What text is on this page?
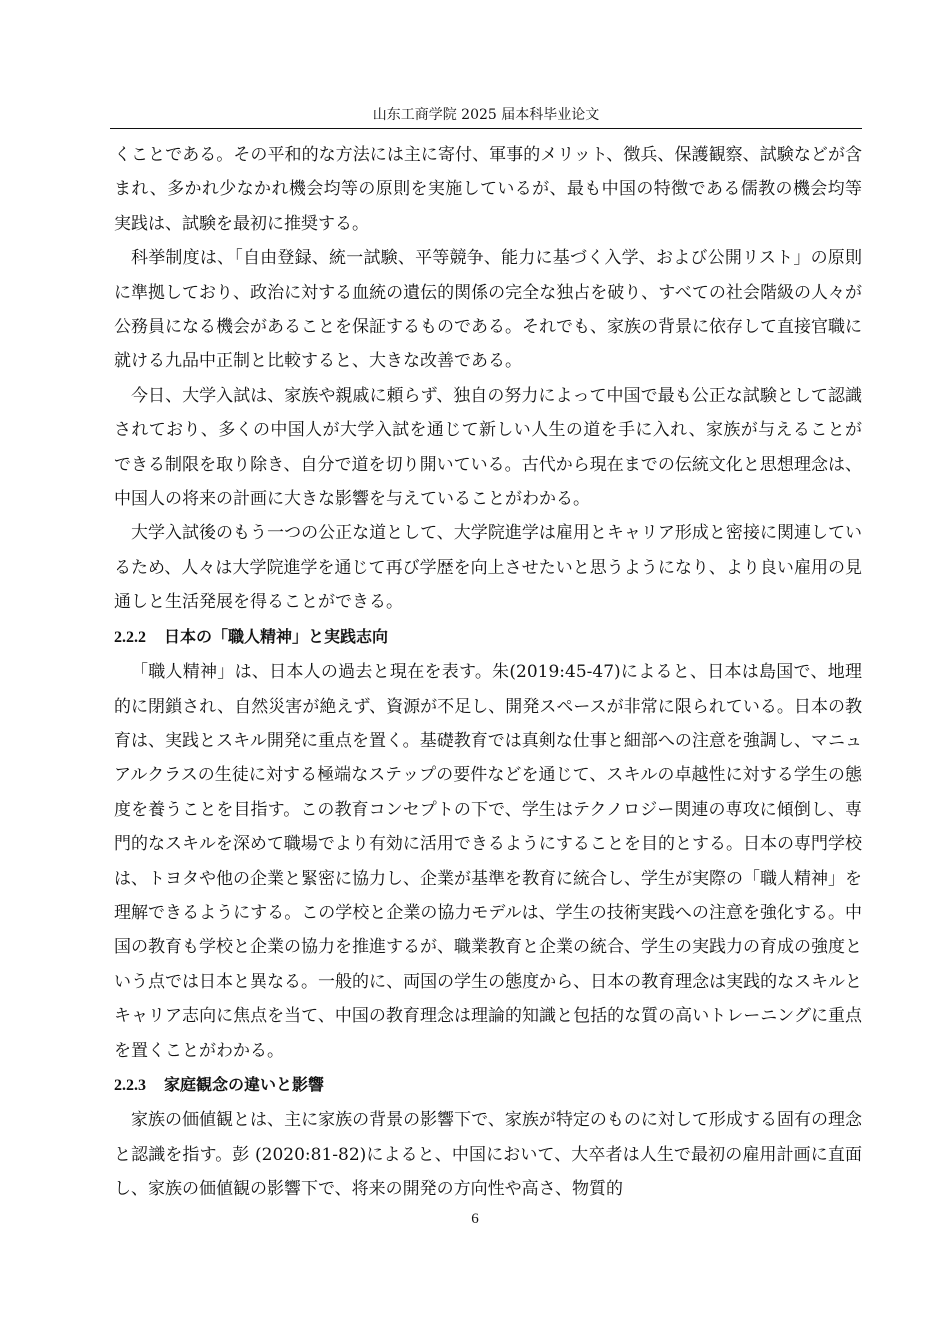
山东工商学院 2025 届本科毕业论文

くことである。その平和的な方法には主に寄付、軍事的メリット、徴兵、保護観察、試験などが含まれ、多かれ少なかれ機会均等の原則を実施しているが、最も中国の特徴である儒教の機会均等実践は、試験を最初に推奨する。

科挙制度は、「自由登録、統一試験、平等競争、能力に基づく入学、および公開リスト」の原則に準拠しており、政治に対する血統の遺伝的関係の完全な独占を破り、すべての社会階級の人々が公務員になる機会があることを保証するものである。それでも、家族の背景に依存して直接官職に就ける九品中正制と比較すると、大きな改善である。

今日、大学入試は、家族や親戚に頼らず、独自の努力によって中国で最も公正な試験として認識されており、多くの中国人が大学入試を通じて新しい人生の道を手に入れ、家族が与えることができる制限を取り除き、自分で道を切り開いている。古代から現在までの伝統文化と思想理念は、中国人の将来の計画に大きな影響を与えていることがわかる。

大学入試後のもう一つの公正な道として、大学院進学は雇用とキャリア形成と密接に関連しているため、人々は大学院進学を通じて再び学歴を向上させたいと思うようになり、より良い雇用の見通しと生活発展を得ることができる。

2.2.2 日本の「職人精神」と実践志向

「職人精神」は、日本人の過去と現在を表す。朱(2019:45-47)によると、日本は島国で、地理的に閉鎖され、自然災害が絶えず、資源が不足し、開発スペースが非常に限られている。日本の教育は、実践とスキル開発に重点を置く。基礎教育では真剣な仕事と細部への注意を強調し、マニュアルクラスの生徒に対する極端なステップの要件などを通じて、スキルの卓越性に対する学生の態度を養うことを目指す。この教育コンセプトの下で、学生はテクノロジー関連の専攻に傾倒し、専門的なスキルを深めて職場でより有効に活用できるようにすることを目的とする。日本の専門学校は、トヨタや他の企業と緊密に協力し、企業が基準を教育に統合し、学生が実際の「職人精神」を理解できるようにする。この学校と企業の協力モデルは、学生の技術実践への注意を強化する。中国の教育も学校と企業の協力を推進するが、職業教育と企業の統合、学生の実践力の育成の強度という点では日本と異なる。一般的に、両国の学生の態度から、日本の教育理念は実践的なスキルとキャリア志向に焦点を当て、中国の教育理念は理論的知識と包括的な質の高いトレーニングに重点を置くことがわかる。

2.2.3 家庭観念の違いと影響

家族の価値観とは、主に家族の背景の影響下で、家族が特定のものに対して形成する固有の理念と認識を指す。彭 (2020:81-82)によると、中国において、大卒者は人生で最初の雇用計画に直面し、家族の価値観の影響下で、将来の開発の方向性や高さ、物質的

6
